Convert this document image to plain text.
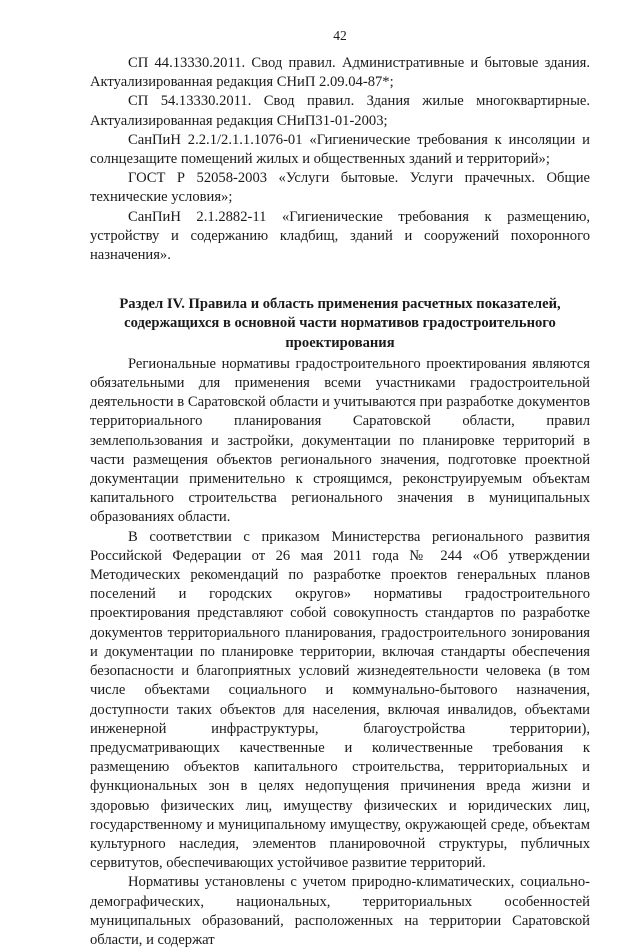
42

СП 44.13330.2011. Свод правил. Административные и бытовые здания. Актуализированная редакция СНиП 2.09.04-87*;

СП 54.13330.2011. Свод правил. Здания жилые многоквартирные. Актуализированная редакция СНиП31-01-2003;

СанПиН 2.2.1/2.1.1.1076-01 «Гигиенические требования к инсоляции и солнцезащите помещений жилых и общественных зданий и территорий»;

ГОСТ Р 52058-2003 «Услуги бытовые. Услуги прачечных. Общие технические условия»;

СанПиН 2.1.2882-11 «Гигиенические требования к размещению, устройству и содержанию кладбищ, зданий и сооружений похоронного назначения».

Раздел IV. Правила и область применения расчетных показателей, содержащихся в основной части нормативов градостроительного проектирования

Региональные нормативы градостроительного проектирования являются обязательными для применения всеми участниками градостроительной деятельности в Саратовской области и учитываются при разработке документов территориального планирования Саратовской области, правил землепользования и застройки, документации по планировке территорий в части размещения объектов регионального значения, подготовке проектной документации применительно к строящимся, реконструируемым объектам капитального строительства регионального значения в муниципальных образованиях области.

В соответствии с приказом Министерства регионального развития Российской Федерации от 26 мая 2011 года № 244 «Об утверждении Методических рекомендаций по разработке проектов генеральных планов поселений и городских округов» нормативы градостроительного проектирования представляют собой совокупность стандартов по разработке документов территориального планирования, градостроительного зонирования и документации по планировке территории, включая стандарты обеспечения безопасности и благоприятных условий жизнедеятельности человека (в том числе объектами социального и коммунально-бытового назначения, доступности таких объектов для населения, включая инвалидов, объектами инженерной инфраструктуры, благоустройства территории), предусматривающих качественные и количественные требования к размещению объектов капитального строительства, территориальных и функциональных зон в целях недопущения причинения вреда жизни и здоровью физических лиц, имуществу физических и юридических лиц, государственному и муниципальному имуществу, окружающей среде, объектам культурного наследия, элементов планировочной структуры, публичных сервитутов, обеспечивающих устойчивое развитие территорий.

Нормативы установлены с учетом природно-климатических, социально-демографических, национальных, территориальных особенностей муниципальных образований, расположенных на территории Саратовской области, и содержат
